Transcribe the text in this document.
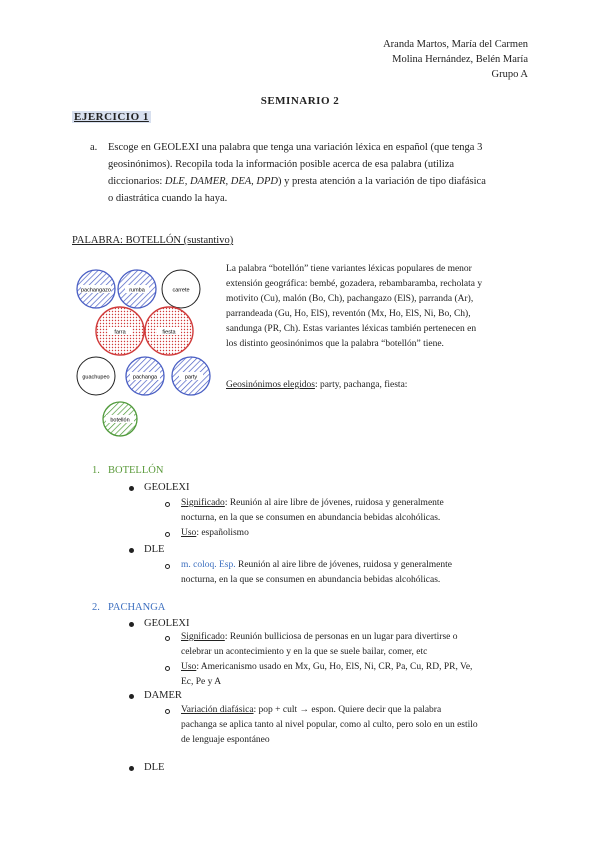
Aranda Martos, María del Carmen
Molina Hernández, Belén María
Grupo A
SEMINARIO 2
EJERCICIO 1
a. Escoge en GEOLEXI una palabra que tenga una variación léxica en español (que tenga 3
geosinónimos). Recopila toda la información posible acerca de esa palabra (utiliza
diccionarios: DLE, DAMER, DEA, DPD) y presta atención a la variación de tipo diafásica
o diastrática cuando la haya.
PALABRA: BOTELLÓN (sustantivo)
pachangazo	rumba	carrete
farra	fiesta
guachupeo	pachanga	party
botellón
La palabra “botellón” tiene variantes léxicas populares de menor
extensión geográfica: bembé, gozadera, rebambaramba, recholata y
motivito (Cu), malón (Bo, Ch), pachangazo (ElS), parranda (Ar),
parrandeada (Gu, Ho, ElS), reventón (Mx, Ho, ElS, Ni, Bo, Ch),
sandunga (PR, Ch). Estas variantes léxicas también pertenecen en
los distinto geosinónimos que la palabra “botellón” tiene.
Geosinónimos elegidos: party, pachanga, fiesta:
1. BOTELLÓN
GEOLEXI
Significado: Reunión al aire libre de jóvenes, ruidosa y generalmente
nocturna, en la que se consumen en abundancia bebidas alcohólicas.
Uso: españolismo
DLE
m. coloq. Esp. Reunión al aire libre de jóvenes, ruidosa y generalmente
nocturna, en la que se consumen en abundancia bebidas alcohólicas.
2. PACHANGA
GEOLEXI
Significado: Reunión bulliciosa de personas en un lugar para divertirse o
celebrar un acontecimiento y en la que se suele bailar, comer, etc
Uso: Americanismo usado en Mx, Gu, Ho, ElS, Ni, CR, Pa, Cu, RD, PR, Ve,
Ec, Pe y A
DAMER
Variación diafásica: pop + cult → espon. Quiere decir que la palabra
pachanga se aplica tanto al nivel popular, como al culto, pero solo en un estilo
de lenguaje espontáneo
DLE
